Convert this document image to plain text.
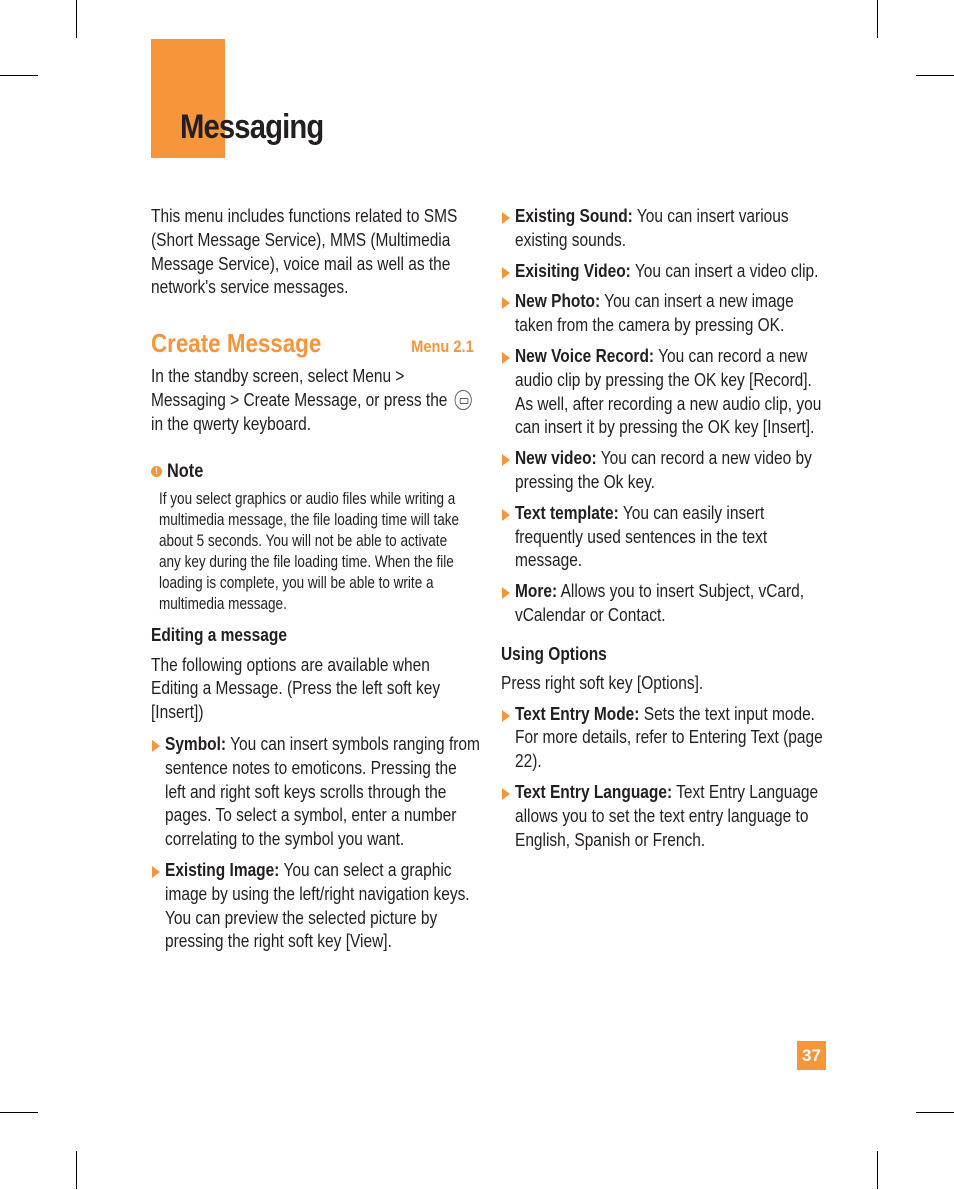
Messaging

This menu includes functions related to SMS (Short Message Service), MMS (Multimedia Message Service), voice mail as well as the network's service messages.

Create Message	Menu 2.1

In the standby screen, select Menu > Messaging > Create Message, or press the  in the qwerty keyboard.

! Note

If you select graphics or audio files while writing a multimedia message, the file loading time will take about 5 seconds. You will not be able to activate any key during the file loading time. When the file loading is complete, you will be able to write a multimedia message.

Editing a message

The following options are available when Editing a Message. (Press the left soft key [Insert])

Symbol: You can insert symbols ranging from sentence notes to emoticons. Pressing the left and right soft keys scrolls through the pages. To select a symbol, enter a number correlating to the symbol you want.
Existing Image: You can select a graphic image by using the left/right navigation keys. You can preview the selected picture by pressing the right soft key [View].
Existing Sound: You can insert various existing sounds.
Exisiting Video: You can insert a video clip.
New Photo: You can insert a new image taken from the camera by pressing OK.
New Voice Record: You can record a new audio clip by pressing the OK key [Record]. As well, after recording a new audio clip, you can insert it by pressing the OK key [Insert].
New video: You can record a new video by pressing the Ok key.
Text template: You can easily insert frequently used sentences in the text message.
More: Allows you to insert Subject, vCard, vCalendar or Contact.

Using Options

Press right soft key [Options].

Text Entry Mode: Sets the text input mode. For more details, refer to Entering Text (page 22).
Text Entry Language: Text Entry Language allows you to set the text entry language to English, Spanish or French.
37
